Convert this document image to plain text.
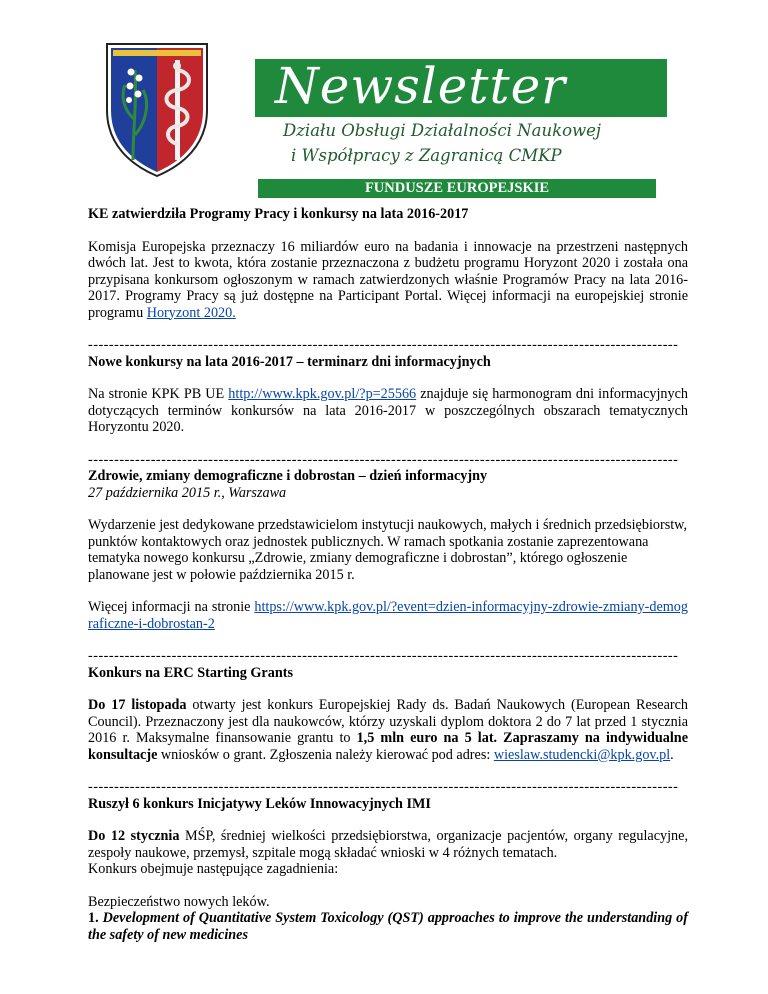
Newsletter
Działu Obsługi Działalności Naukowej
i Współpracy z Zagranicą CMKP
FUNDUSZE EUROPEJSKIE

KE zatwierdziła Programy Pracy i konkursy na lata 2016-2017

Komisja Europejska przeznaczy 16 miliardów euro na badania i innowacje na przestrzeni następnych dwóch lat. Jest to kwota, która zostanie przeznaczona z budżetu programu Horyzont 2020 i została ona przypisana konkursom ogłoszonym w ramach zatwierdzonych właśnie Programów Pracy na lata 2016-2017. Programy Pracy są już dostępne na Participant Portal. Więcej informacji na europejskiej stronie programu Horyzont 2020.

-----------------------------------------------------------------------------------------------------------------

Nowe konkursy na lata 2016-2017 – terminarz dni informacyjnych

Na stronie KPK PB UE http://www.kpk.gov.pl/?p=25566 znajduje się harmonogram dni informacyjnych dotyczących terminów konkursów na lata 2016-2017 w poszczególnych obszarach tematycznych Horyzontu 2020.

-----------------------------------------------------------------------------------------------------------------

Zdrowie, zmiany demograficzne i dobrostan – dzień informacyjny

27 października 2015 r., Warszawa

Wydarzenie jest dedykowane przedstawicielom instytucji naukowych, małych i średnich przedsiębiorstw, punktów kontaktowych oraz jednostek publicznych. W ramach spotkania zostanie zaprezentowana tematyka nowego konkursu „Zdrowie, zmiany demograficzne i dobrostan”, którego ogłoszenie planowane jest w połowie października 2015 r.

Więcej informacji na stronie https://www.kpk.gov.pl/?event=dzien-informacyjny-zdrowie-zmiany-demograficzne-i-dobrostan-2

-----------------------------------------------------------------------------------------------------------------

Konkurs na ERC Starting Grants

Do 17 listopada otwarty jest konkurs Europejskiej Rady ds. Badań Naukowych (European Research Council). Przeznaczony jest dla naukowców, którzy uzyskali dyplom doktora 2 do 7 lat przed 1 stycznia 2016 r. Maksymalne finansowanie grantu to 1,5 mln euro na 5 lat. Zapraszamy na indywidualne konsultacje wniosków o grant. Zgłoszenia należy kierować pod adres: wieslaw.studencki@kpk.gov.pl.

-----------------------------------------------------------------------------------------------------------------

Ruszył 6 konkurs Inicjatywy Leków Innowacyjnych IMI

Do 12 stycznia MŚP, średniej wielkości przedsiębiorstwa, organizacje pacjentów, organy regulacyjne, zespoły naukowe, przemysł, szpitale mogą składać wnioski w 4 różnych tematach.

Konkurs obejmuje następujące zagadnienia:

Bezpieczeństwo nowych leków.

1. Development of Quantitative System Toxicology (QST) approaches to improve the understanding of the safety of new medicines
